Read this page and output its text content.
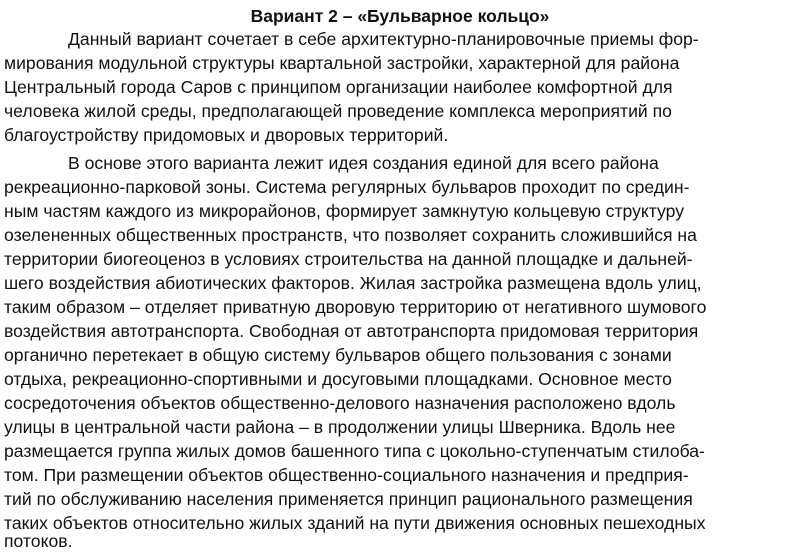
Вариант 2 – «Бульварное кольцо»
Данный вариант сочетает в себе архитектурно-планировочные приемы фор-
мирования модульной структуры квартальной застройки, характерной для района
Центральный города Саров с принципом организации наиболее комфортной для
человека жилой среды, предполагающей проведение комплекса мероприятий по
благоустройству придомовых и дворовых территорий.
В основе этого варианта лежит идея создания единой для всего района
рекреационно-парковой зоны. Система регулярных бульваров проходит по средин-
ным частям каждого из микрорайонов, формирует замкнутую кольцевую структуру
озелененных общественных пространств, что позволяет сохранить сложившийся на
территории биогеоценоз в условиях строительства на данной площадке и дальней-
шего воздействия абиотических факторов. Жилая застройка размещена вдоль улиц,
таким образом – отделяет приватную дворовую территорию от негативного шумового
воздействия автотранспорта. Свободная от автотранспорта придомовая территория
органично перетекает в общую систему бульваров общего пользования с зонами
отдыха, рекреационно-спортивными и досуговыми площадками. Основное место
сосредоточения объектов общественно-делового назначения расположено вдоль
улицы в центральной части района – в продолжении улицы Шверника. Вдоль нее
размещается группа жилых домов башенного типа с цокольно-ступенчатым стилоба-
том. При размещении объектов общественно-социального назначения и предприя-
тий по обслуживанию населения применяется принцип рационального размещения
таких объектов относительно жилых зданий на пути движения основных пешеходных
потоков.
